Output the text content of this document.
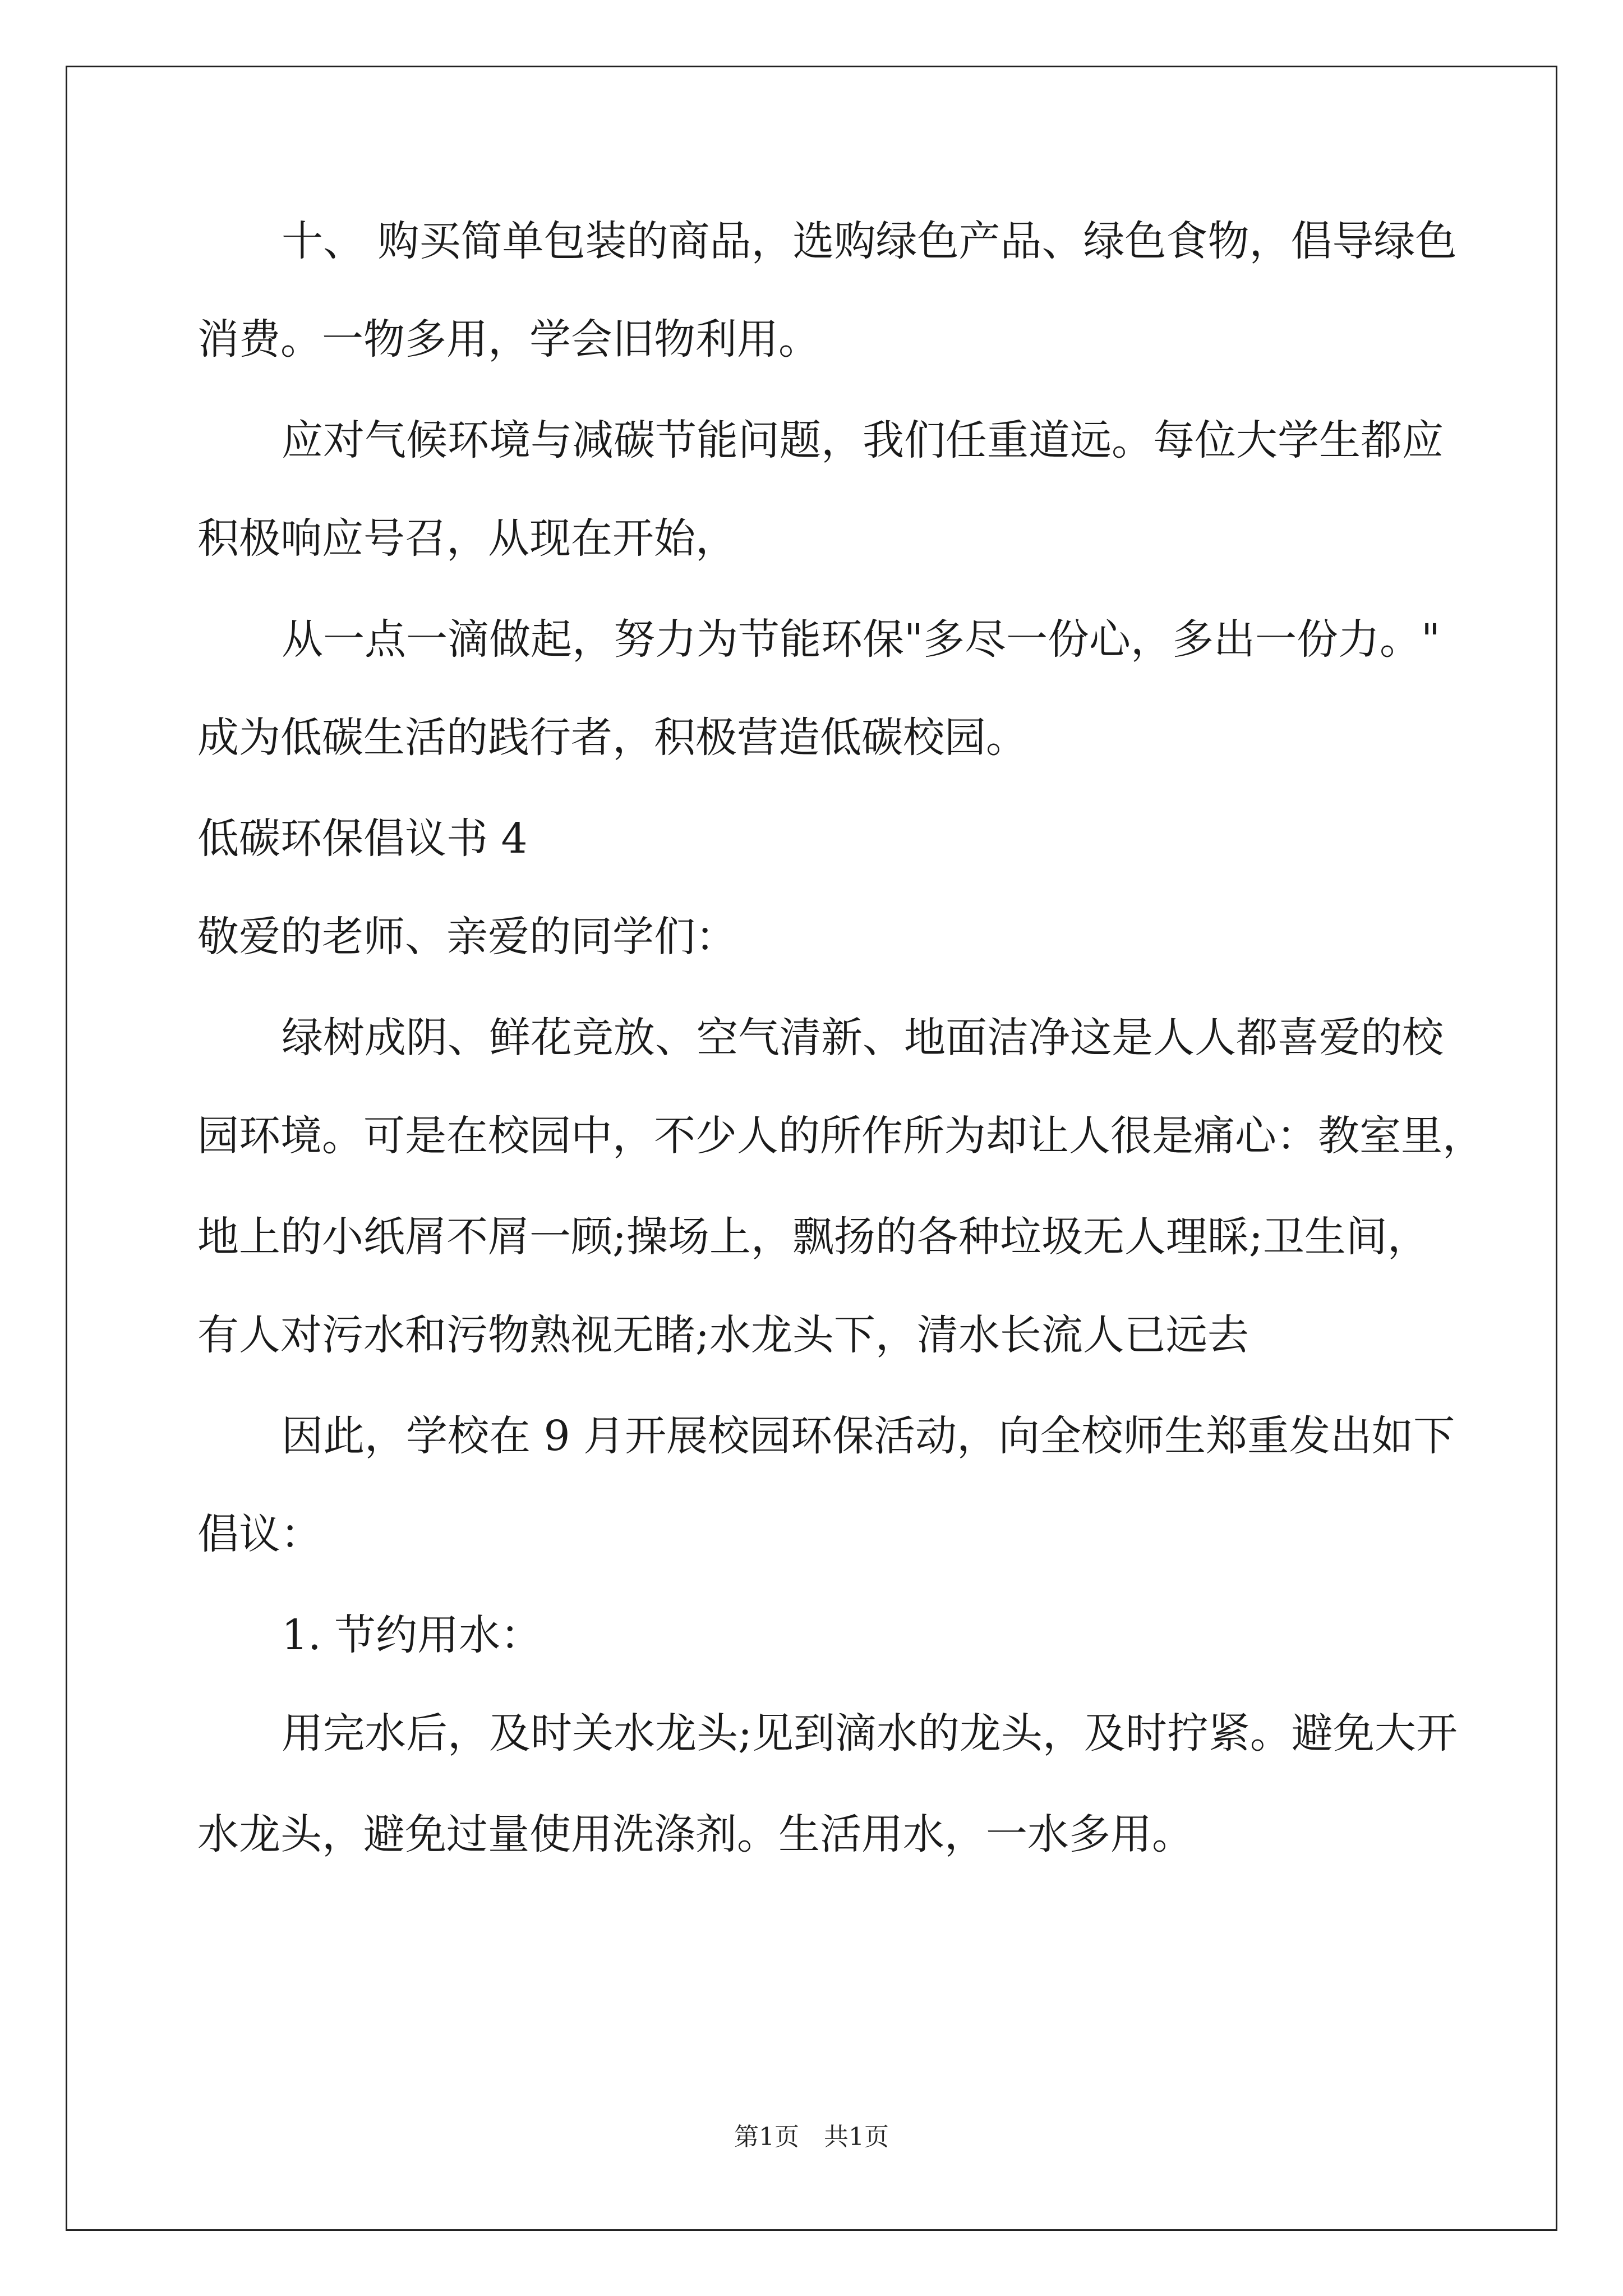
十、 购买简单包装的商品，选购绿色产品、绿色食物，倡导绿色
消费。一物多用，学会旧物利用。
应对气候环境与减碳节能问题，我们任重道远。每位大学生都应
积极响应号召，从现在开始，
从一点一滴做起，努力为节能环保"多尽一份心，多出一份力。"
成为低碳生活的践行者，积极营造低碳校园。
低碳环保倡议书 4
敬爱的老师、亲爱的同学们：
绿树成阴、鲜花竞放、空气清新、地面洁净这是人人都喜爱的校
园环境。可是在校园中，不少人的所作所为却让人很是痛心：教室里，
地上的小纸屑不屑一顾;操场上，飘扬的各种垃圾无人理睬;卫生间，
有人对污水和污物熟视无睹;水龙头下，清水长流人已远去
因此，学校在 9 月开展校园环保活动，向全校师生郑重发出如下
倡议：
1. 节约用水：
用完水后，及时关水龙头;见到滴水的龙头，及时拧紧。避免大开
水龙头，避免过量使用洗涤剂。生活用水，一水多用。
第1页　共1页
